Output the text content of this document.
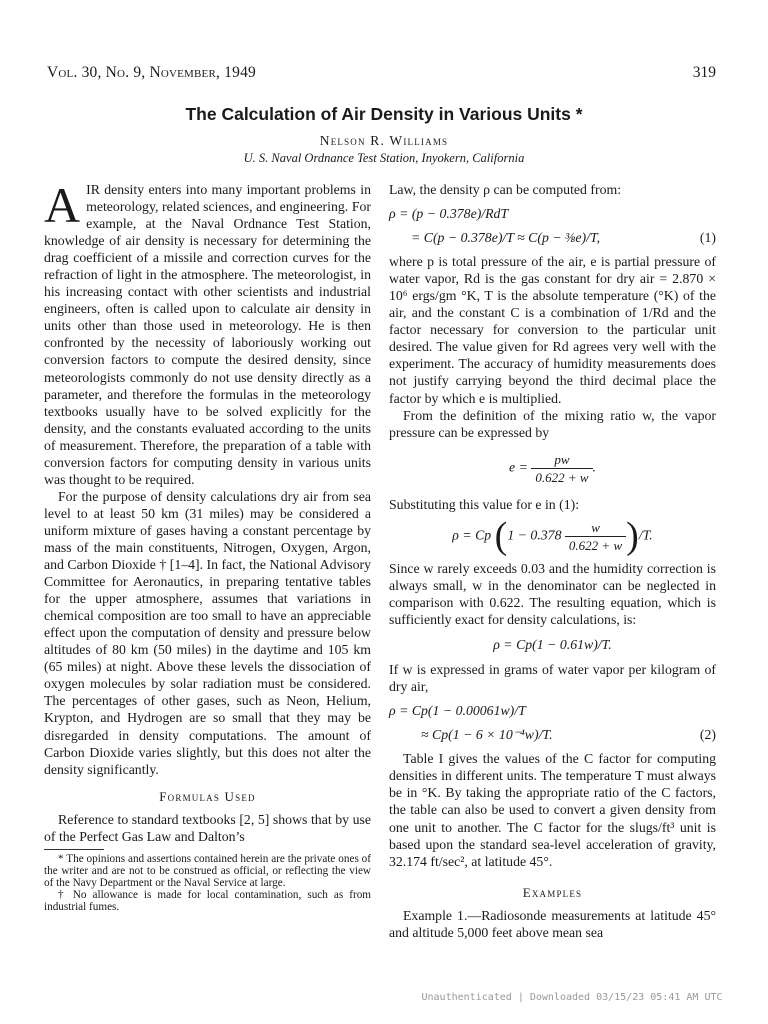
Vol. 30, No. 9, November, 1949	319
The Calculation of Air Density in Various Units *
Nelson R. Williams
U. S. Naval Ordnance Test Station, Inyokern, California

AIR density enters into many important problems in meteorology, related sciences, and engineering. For example, at the Naval Ordnance Test Station, knowledge of air density is necessary for determining the drag coefficient of a missile and correction curves for the refraction of light in the atmosphere. The meteorologist, in his increasing contact with other scientists and industrial engineers, often is called upon to calculate air density in units other than those used in meteorology. He is then confronted by the necessity of laboriously working out conversion factors to compute the desired density, since meteorologists commonly do not use density directly as a parameter, and therefore the formulas in the meteorology textbooks usually have to be solved explicitly for the density, and the constants evaluated according to the units of measurement. Therefore, the preparation of a table with conversion factors for computing density in various units was thought to be required.

For the purpose of density calculations dry air from sea level to at least 50 km (31 miles) may be considered a uniform mixture of gases having a constant percentage by mass of the main constituents, Nitrogen, Oxygen, Argon, and Carbon Dioxide † [1–4]. In fact, the National Advisory Committee for Aeronautics, in preparing tentative tables for the upper atmosphere, assumes that variations in chemical composition are too small to have an appreciable effect upon the computation of density and pressure below altitudes of 80 km (50 miles) in the daytime and 105 km (65 miles) at night. Above these levels the dissociation of oxygen molecules by solar radiation must be considered. The percentages of other gases, such as Neon, Helium, Krypton, and Hydrogen are so small that they may be disregarded in density computations. The amount of Carbon Dioxide varies slightly, but this does not alter the density significantly.

Formulas Used

Reference to standard textbooks [2, 5] shows that by use of the Perfect Gas Law and Dalton’s

* The opinions and assertions contained herein are the private ones of the writer and are not to be construed as official, or reflecting the view of the Navy Department or the Naval Service at large.

† No allowance is made for local contamination, such as from industrial fumes.

Law, the density ρ can be computed from:

ρ = (p − 0.378e)/RdT
= C(p − 0.378e)/T ≈ C(p − ⅜e)/T,	(1)

where p is total pressure of the air, e is partial pressure of water vapor, Rd is the gas constant for dry air = 2.870 × 10⁶ ergs/gm °K, T is the absolute temperature (°K) of the air, and the constant C is a combination of 1/Rd and the factor necessary for conversion to the particular unit desired. The value given for Rd agrees very well with the experiment. The accuracy of humidity measurements does not justify carrying beyond the third decimal place the factor by which e is multiplied.

From the definition of the mixing ratio w, the vapor pressure can be expressed by

$e = \frac{pw}{0.622 + w}$ .

Substituting this value for e in (1):

ρ = Cp $(1 - 0.378 \frac{w}{0.622 + w} )/T$.

Since w rarely exceeds 0.03 and the humidity correction is always small, w in the denominator can be neglected in comparison with 0.622. The resulting equation, which is sufficiently exact for density calculations, is:

ρ = Cp(1 − 0.61w)/T.

If w is expressed in grams of water vapor per kilogram of dry air,

ρ = Cp(1 − 0.00061w)/T
≈ Cp(1 − 6 × 10⁻⁴w)/T.	(2)

Table I gives the values of the C factor for computing densities in different units. The temperature T must always be in °K. By taking the appropriate ratio of the C factors, the table can also be used to convert a given density from one unit to another. The C factor for the slugs/ft³ unit is based upon the standard sea-level acceleration of gravity, 32.174 ft/sec², at latitude 45°.

Examples

Example 1.—Radiosonde measurements at latitude 45° and altitude 5,000 feet above mean sea

Unauthenticated | Downloaded 03/15/23 05:41 AM UTC
